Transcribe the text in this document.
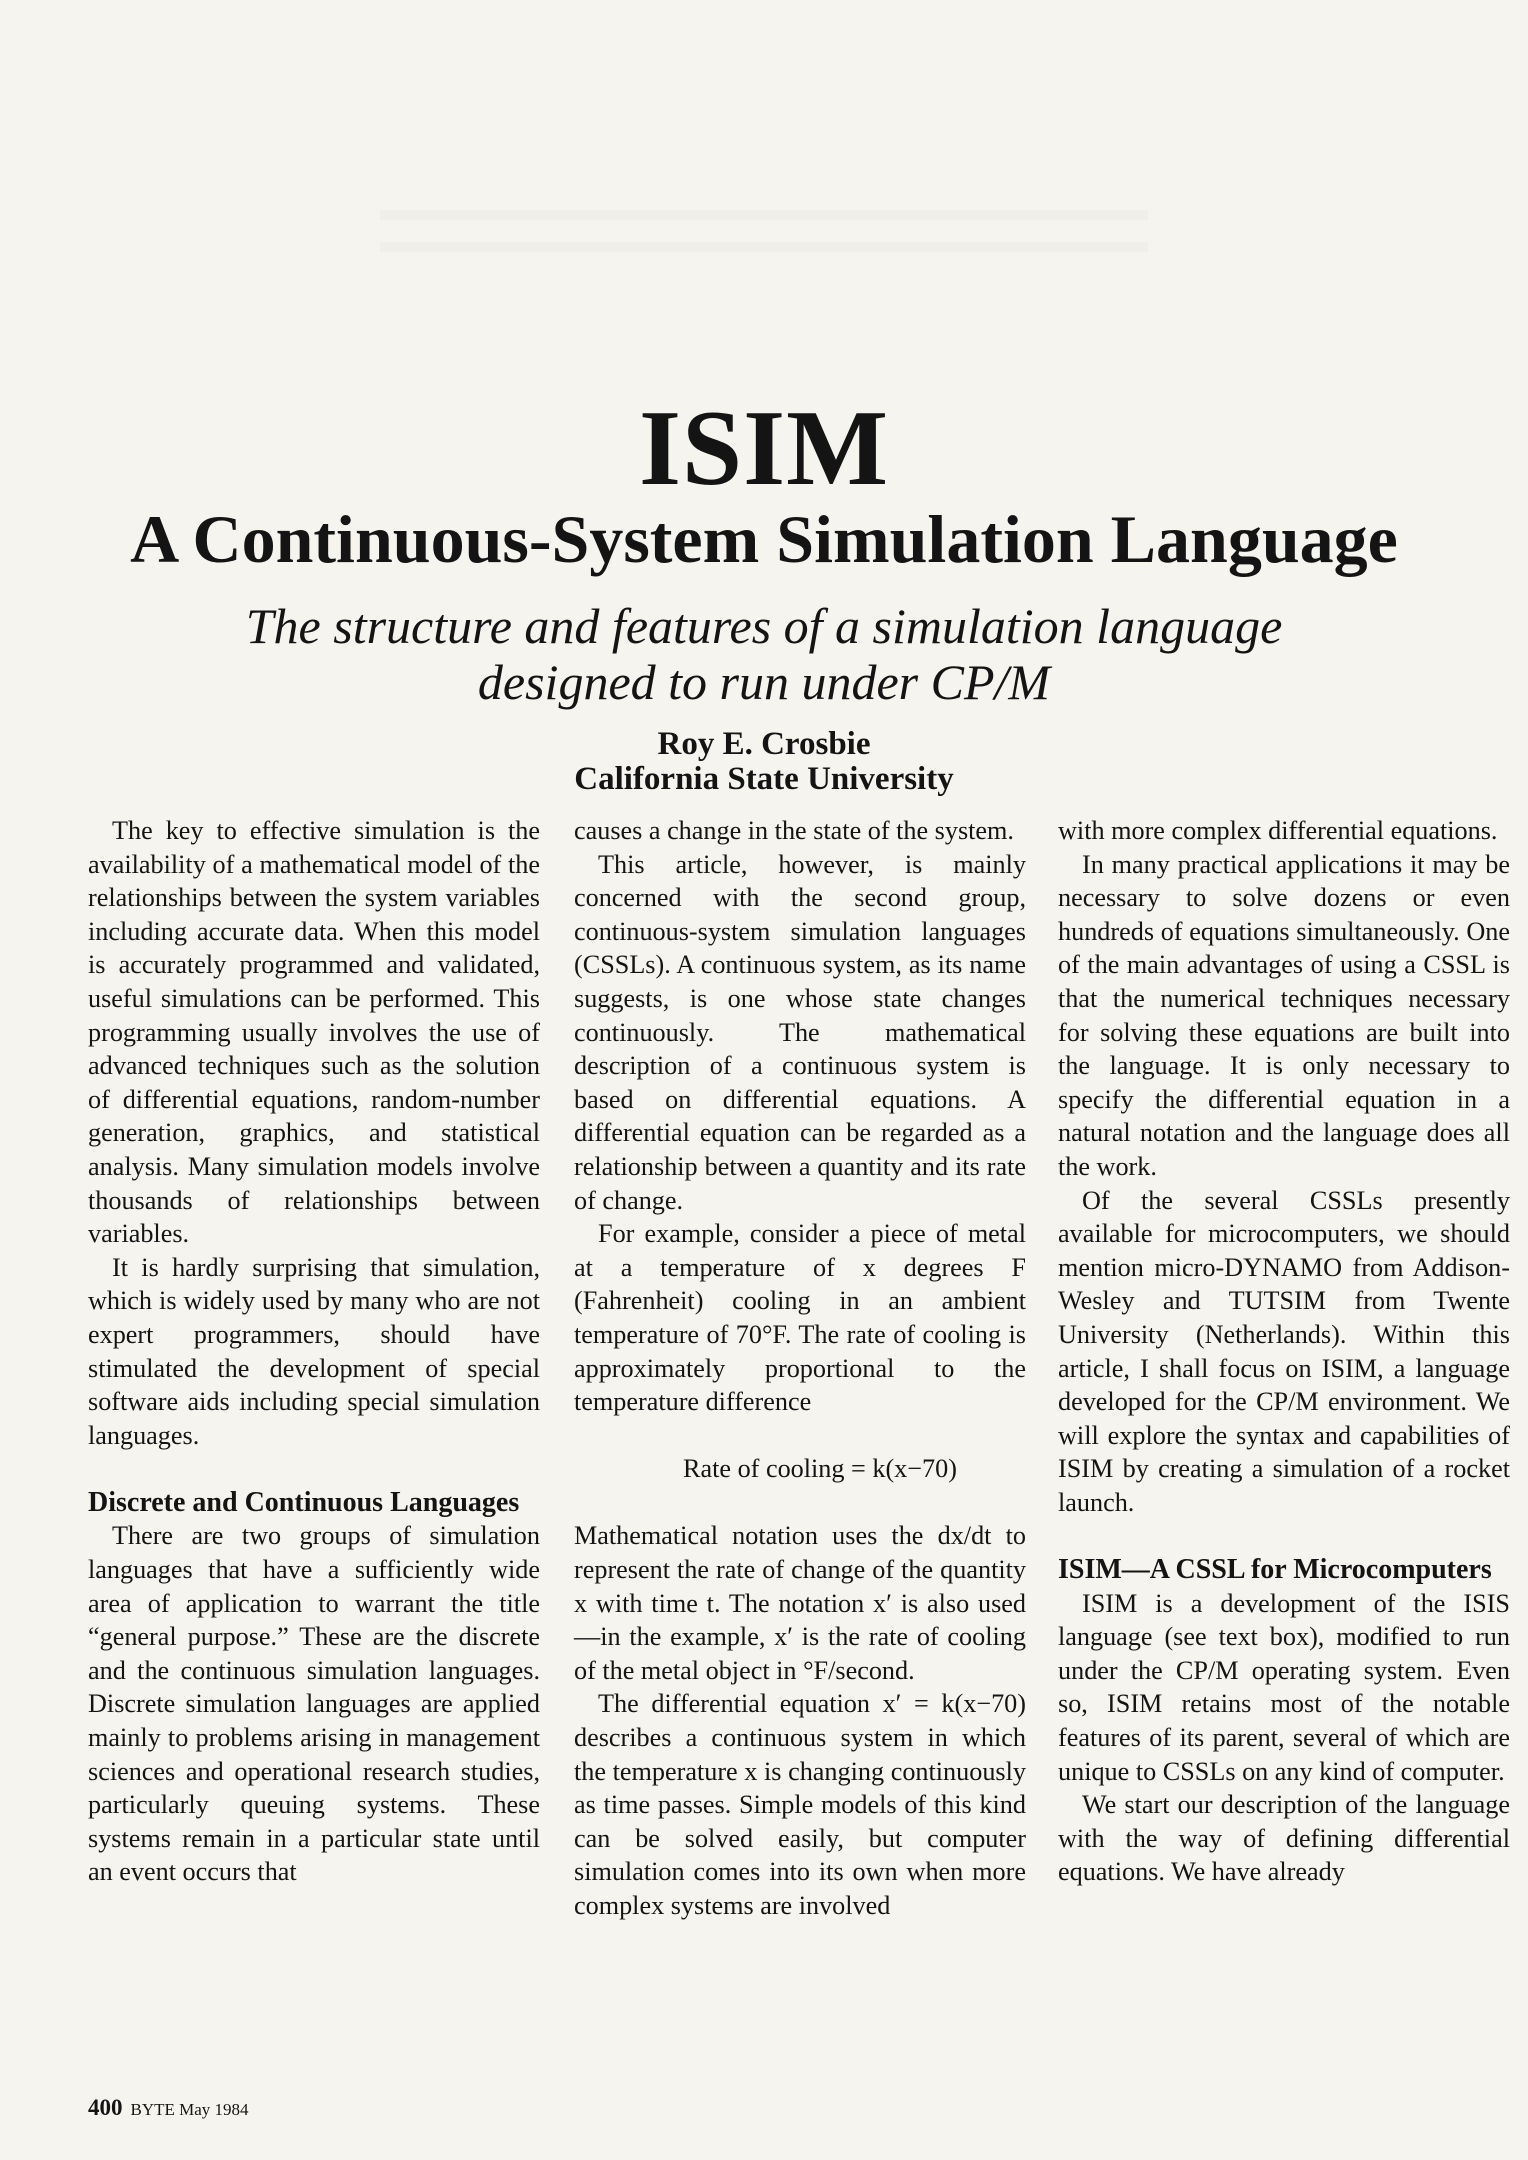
ISIM
A Continuous-System Simulation Language
The structure and features of a simulation language designed to run under CP/M
Roy E. Crosbie
California State University

The key to effective simulation is the availability of a mathematical model of the relationships between the system variables including accurate data. When this model is accurately programmed and validated, useful simulations can be performed. This programming usually involves the use of advanced techniques such as the solution of differential equations, random-number generation, graphics, and statistical analysis. Many simulation models involve thousands of relationships between variables.

It is hardly surprising that simulation, which is widely used by many who are not expert programmers, should have stimulated the development of special software aids including special simulation languages.

Discrete and Continuous Languages

There are two groups of simulation languages that have a sufficiently wide area of application to warrant the title “general purpose.” These are the discrete and the continuous simulation languages. Discrete simulation languages are applied mainly to problems arising in management sciences and operational research studies, particularly queuing systems. These systems remain in a particular state until an event occurs that

causes a change in the state of the system.

This article, however, is mainly concerned with the second group, continuous-system simulation languages (CSSLs). A continuous system, as its name suggests, is one whose state changes continuously. The mathematical description of a continuous system is based on differential equations. A differential equation can be regarded as a relationship between a quantity and its rate of change.

For example, consider a piece of metal at a temperature of x degrees F (Fahrenheit) cooling in an ambient temperature of 70°F. The rate of cooling is approximately proportional to the temperature difference

Rate of cooling = k(x−70)

Mathematical notation uses the dx/dt to represent the rate of change of the quantity x with time t. The notation x′ is also used—in the example, x′ is the rate of cooling of the metal object in °F/second.

The differential equation x′ = k(x−70) describes a continuous system in which the temperature x is changing continuously as time passes. Simple models of this kind can be solved easily, but computer simulation comes into its own when more complex systems are involved

with more complex differential equations.

In many practical applications it may be necessary to solve dozens or even hundreds of equations simultaneously. One of the main advantages of using a CSSL is that the numerical techniques necessary for solving these equations are built into the language. It is only necessary to specify the differential equation in a natural notation and the language does all the work.

Of the several CSSLs presently available for microcomputers, we should mention micro-DYNAMO from Addison-Wesley and TUTSIM from Twente University (Netherlands). Within this article, I shall focus on ISIM, a language developed for the CP/M environment. We will explore the syntax and capabilities of ISIM by creating a simulation of a rocket launch.

ISIM—A CSSL for Microcomputers

ISIM is a development of the ISIS language (see text box), modified to run under the CP/M operating system. Even so, ISIM retains most of the notable features of its parent, several of which are unique to CSSLs on any kind of computer.

We start our description of the language with the way of defining differential equations. We have already

400 BYTE May 1984
